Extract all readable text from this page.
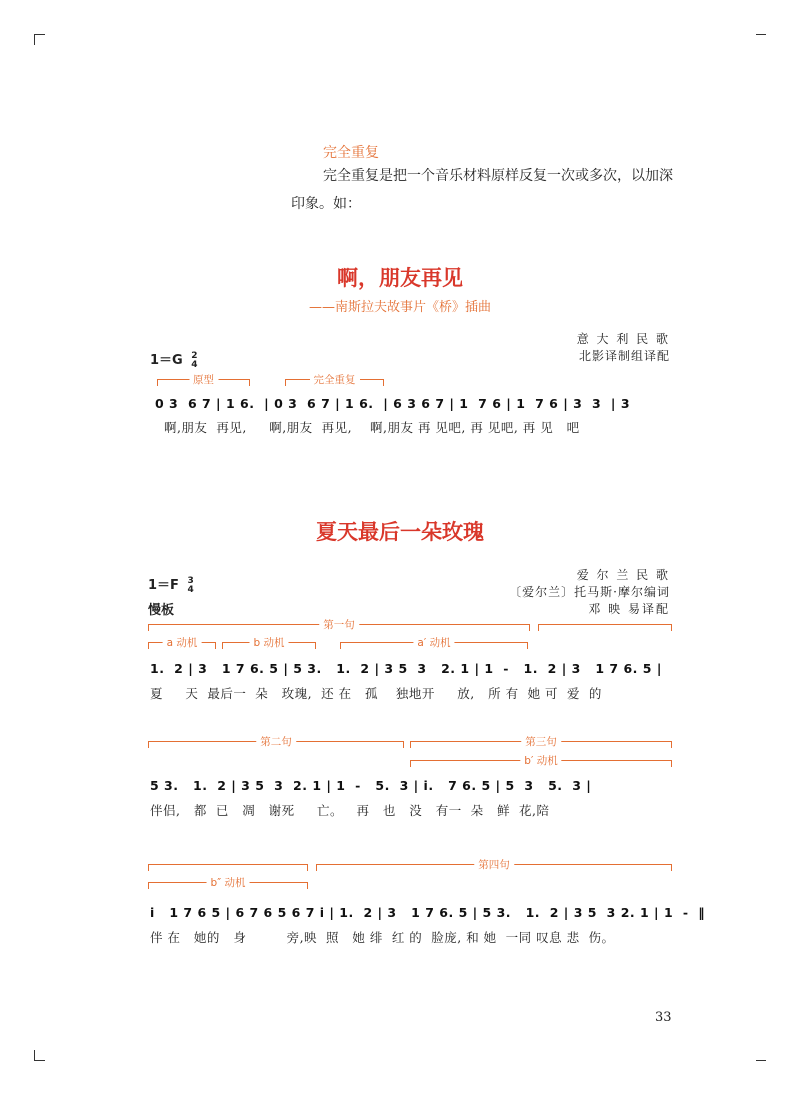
完全重复
完全重复是把一个音乐材料原样反复一次或多次，以加深
印象。如：
啊，朋友再见
——南斯拉夫故事片《桥》插曲
意 大 利 民 歌
北影译制组译配
1＝G 2
4
原型	完全重复
0 3  6 7 | 1 6.  | 0 3  6 7 | 1 6.  | 6 3 6 7 | 1  7 6 | 1  7 6 | 3  3  | 3
啊,朋友  再见,     啊,朋友  再见,    啊,朋友 再 见吧, 再 见吧, 再 见   吧
夏天最后一朵玫瑰
爱 尔 兰 民 歌
〔爱尔兰〕托马斯·摩尔编词
邓 映 易译配
1＝F 3
4
慢板
第一句
a 动机	b 动机	a′ 动机
1.  2 | 3   1 7 6. 5 | 5 3.   1.  2 | 3 5  3   2. 1 | 1  -   1.  2 | 3   1 7 6. 5 |
夏     天  最后一  朵   玫瑰,  还 在   孤    独地开     放,   所 有  她 可  爱  的
第二句	第三句
b′ 动机
5 3.   1.  2 | 3 5  3  2. 1 | 1  -   5.  3 | i.   7 6. 5 | 5  3   5.  3 |
伴侣,   都  已   凋   谢死     亡。   再   也   没   有一  朵   鲜  花,陪
第四句
b″ 动机
i   1 7 6 5 | 6 7 6 5 6 7 i | 1.  2 | 3   1 7 6. 5 | 5 3.   1.  2 | 3 5  3 2. 1 | 1  -  ‖
伴 在   她的   身         旁,映  照   她 绯  红 的  脸庞, 和 她  一同 叹息 悲  伤。
33
